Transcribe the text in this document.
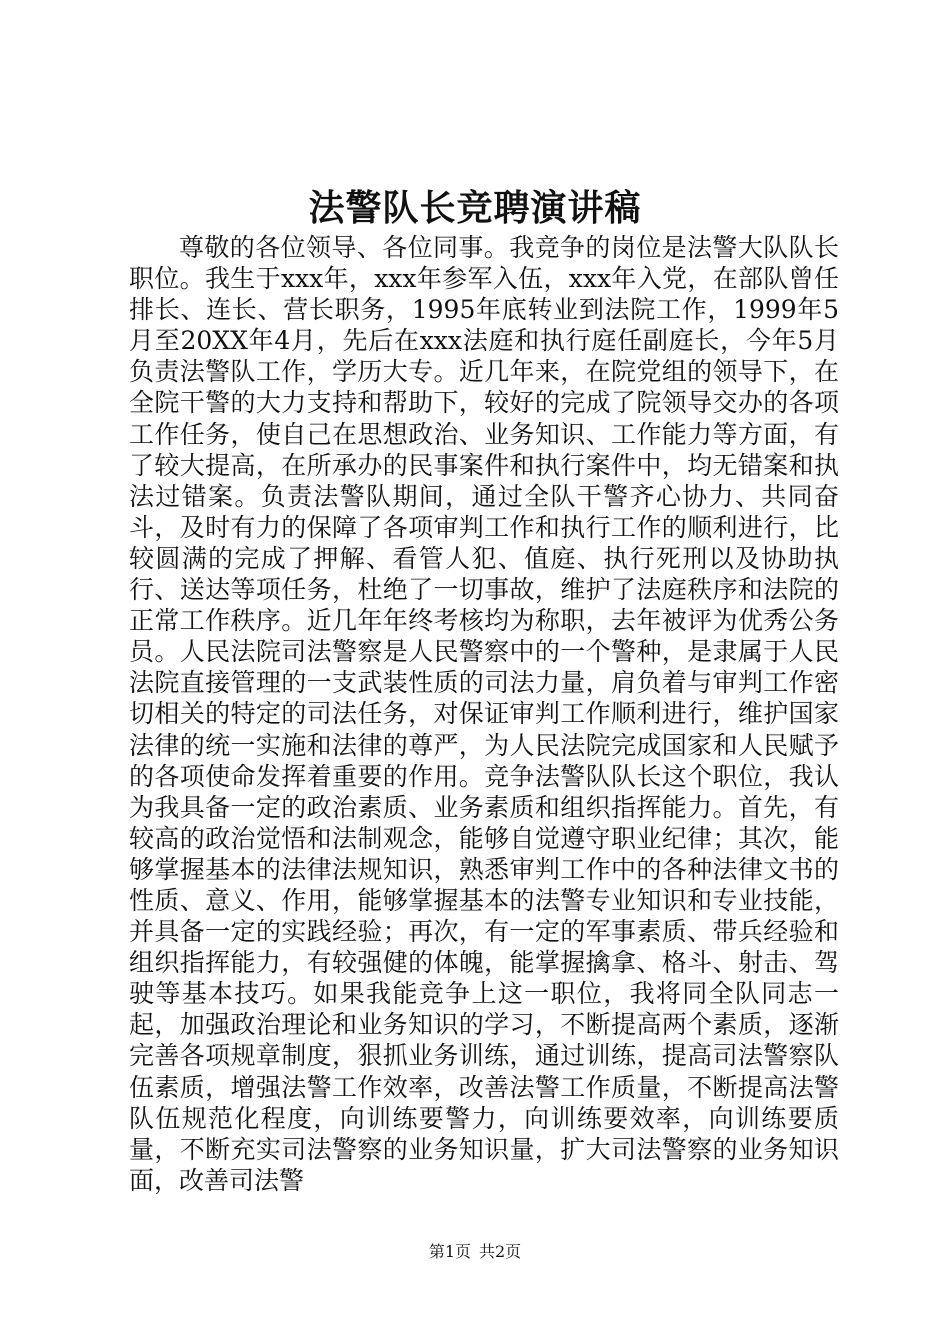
法警队长竞聘演讲稿

尊敬的各位领导、各位同事。我竞争的岗位是法警大队队长职位。我生于xxx年，xxx年参军入伍，xxx年入党，在部队曾任排长、连长、营长职务，1995年底转业到法院工作，1999年5月至20XX年4月，先后在xxx法庭和执行庭任副庭长，今年5月负责法警队工作，学历大专。近几年来，在院党组的领导下，在全院干警的大力支持和帮助下，较好的完成了院领导交办的各项工作任务，使自己在思想政治、业务知识、工作能力等方面，有了较大提高，在所承办的民事案件和执行案件中，均无错案和执法过错案。负责法警队期间，通过全队干警齐心协力、共同奋斗，及时有力的保障了各项审判工作和执行工作的顺利进行，比较圆满的完成了押解、看管人犯、值庭、执行死刑以及协助执行、送达等项任务，杜绝了一切事故，维护了法庭秩序和法院的正常工作秩序。近几年年终考核均为称职，去年被评为优秀公务员。人民法院司法警察是人民警察中的一个警种，是隶属于人民法院直接管理的一支武装性质的司法力量，肩负着与审判工作密切相关的特定的司法任务，对保证审判工作顺利进行，维护国家法律的统一实施和法律的尊严，为人民法院完成国家和人民赋予的各项使命发挥着重要的作用。竞争法警队队长这个职位，我认为我具备一定的政治素质、业务素质和组织指挥能力。首先，有较高的政治觉悟和法制观念，能够自觉遵守职业纪律；其次，能够掌握基本的法律法规知识，熟悉审判工作中的各种法律文书的性质、意义、作用，能够掌握基本的法警专业知识和专业技能，并具备一定的实践经验；再次，有一定的军事素质、带兵经验和组织指挥能力，有较强健的体魄，能掌握擒拿、格斗、射击、驾驶等基本技巧。如果我能竞争上这一职位，我将同全队同志一起，加强政治理论和业务知识的学习，不断提高两个素质，逐渐完善各项规章制度，狠抓业务训练，通过训练，提高司法警察队伍素质，增强法警工作效率，改善法警工作质量，不断提高法警队伍规范化程度，向训练要警力，向训练要效率，向训练要质量，不断充实司法警察的业务知识量，扩大司法警察的业务知识面，改善司法警

第1页 共2页
